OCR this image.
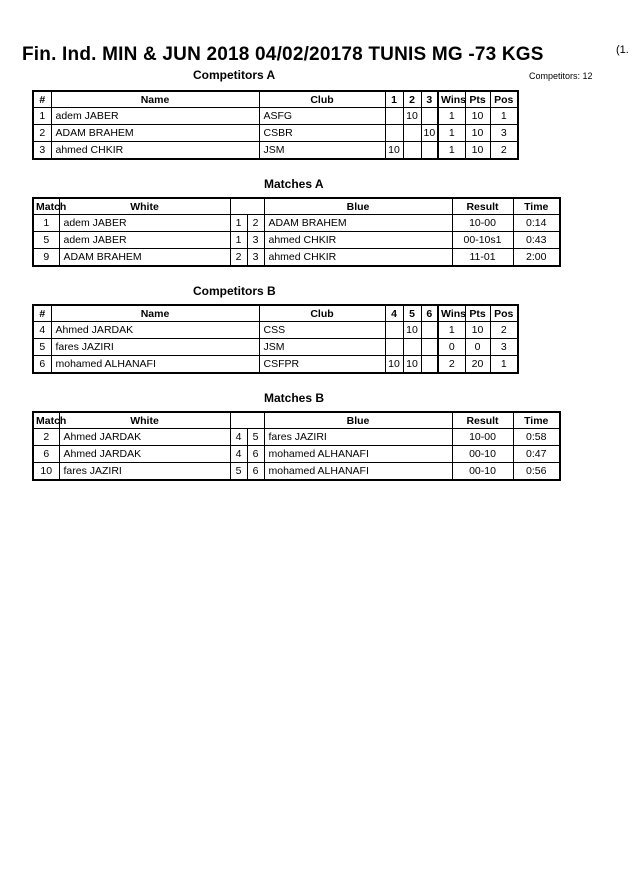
Fin. Ind. MIN & JUN 2018 04/02/20178 TUNIS MG -73 KGS	(1.
Competitors A	Competitors: 12
#	Name	Club	1	2	3	Wins	Pts	Pos
1	adem JABER	ASFG		10		1	10	1
2	ADAM BRAHEM	CSBR			10	1	10	3
3	ahmed CHKIR	JSM	10			1	10	2
Matches A
Match	White			Blue	Result	Time
1	adem JABER	1	2	ADAM BRAHEM	10-00	0:14
5	adem JABER	1	3	ahmed CHKIR	00-10s1	0:43
9	ADAM BRAHEM	2	3	ahmed CHKIR	11-01	2:00
Competitors B
#	Name	Club	4	5	6	Wins	Pts	Pos
4	Ahmed JARDAK	CSS		10		1	10	2
5	fares JAZIRI	JSM				0	0	3
6	mohamed ALHANAFI	CSFPR	10	10		2	20	1
Matches B
Match	White			Blue	Result	Time
2	Ahmed JARDAK	4	5	fares JAZIRI	10-00	0:58
6	Ahmed JARDAK	4	6	mohamed ALHANAFI	00-10	0:47
10	fares JAZIRI	5	6	mohamed ALHANAFI	00-10	0:56
